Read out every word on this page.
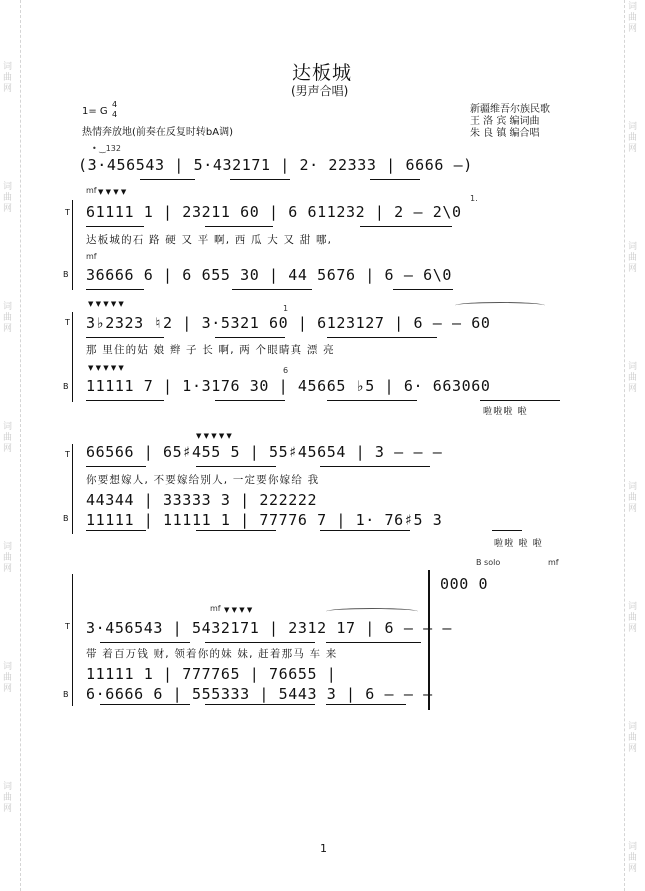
词曲网
词曲网
词曲网
词曲网
词曲网
词曲网
词曲网
词曲网
词曲网
词曲网
词曲网
词曲网
词曲网
词曲网
词曲网
达板城
(男声合唱)
1= G
4
4
热情奔放地(前奏在反复时转bA调)
新疆维吾尔族民歌
王 洛 宾 编词曲
朱 良 镇 编合唱
• ‿132
(3·456543 | 5·432171 | 2· 22333 | 6666 –)
T
B
mf ▼ ▼ ▼ ▼
1.
61111 1 | 23211 60 | 6 611232 | 2 – 2\0
达板城的石 路 硬 又 平 啊, 西 瓜 大 又 甜 哪,
mf
36666 6 | 6 655 30 | 44 5676 | 6 – 6\0
T
B
▼ ▼ ▼ ▼ ▼	1
3♭2323 ♮2 | 3·5321 60 | 6123127 | 6 – – 60
那 里住的姑 娘 辫 子 长 啊, 两 个眼睛真 漂 亮
▼ ▼ ▼ ▼ ▼	6
11111 7 | 1·3176 30 | 45665 ♭5 | 6· 663060
啦啦啦 啦
T
B
▼ ▼ ▼ ▼ ▼
66566 | 65♯455 5 | 55♯45654 | 3 – – –
你要想嫁人, 不要嫁给别人, 一定要你嫁给 我
44344 | 33333 3 | 222222
11111 | 11111 1 | 77776 7 | 1· 76♯5 3
啦啦 啦 啦
T
B
B solo	mf
000 0
mf ▼ ▼ ▼ ▼
3·456543 | 5432171 | 2312 17 | 6 – – –
带 着百万钱 财, 领着你的妹 妹, 赶着那马 车 来
11111 1 | 777765 | 76655 |
6·6666 6 | 555333 | 5443 3 | 6 – – –
1
